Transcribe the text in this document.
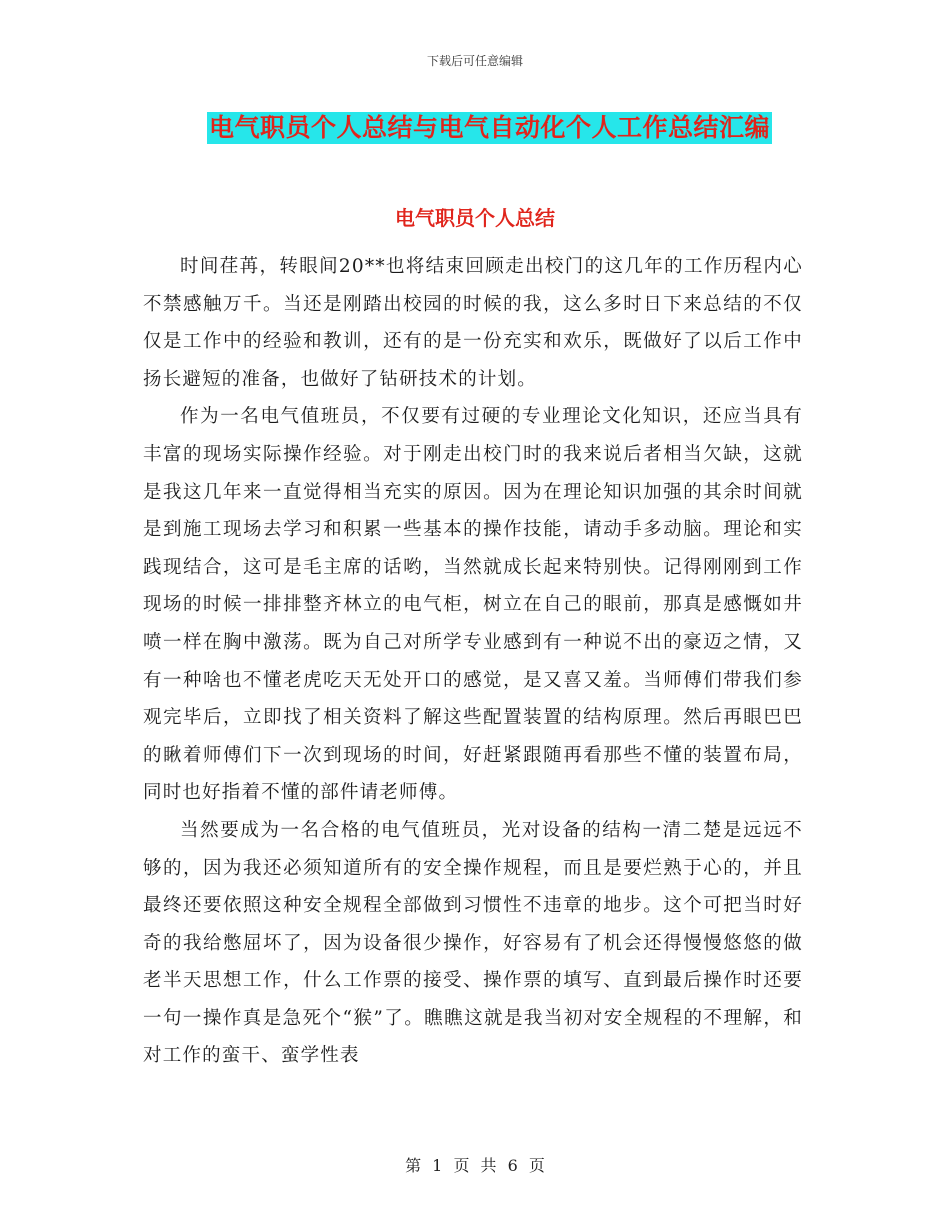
下载后可任意编辑
电气职员个人总结与电气自动化个人工作总结汇编
电气职员个人总结

时间荏苒，转眼间20**也将结束回顾走出校门的这几年的工作历程内心不禁感触万千。当还是刚踏出校园的时候的我，这么多时日下来总结的不仅仅是工作中的经验和教训，还有的是一份充实和欢乐，既做好了以后工作中扬长避短的准备，也做好了钻研技术的计划。

作为一名电气值班员，不仅要有过硬的专业理论文化知识，还应当具有丰富的现场实际操作经验。对于刚走出校门时的我来说后者相当欠缺，这就是我这几年来一直觉得相当充实的原因。因为在理论知识加强的其余时间就是到施工现场去学习和积累一些基本的操作技能，请动手多动脑。理论和实践现结合，这可是毛主席的话哟，当然就成长起来特别快。记得刚刚到工作现场的时候一排排整齐林立的电气柜，树立在自己的眼前，那真是感慨如井喷一样在胸中激荡。既为自己对所学专业感到有一种说不出的豪迈之情，又有一种啥也不懂老虎吃天无处开口的感觉，是又喜又羞。当师傅们带我们参观完毕后，立即找了相关资料了解这些配置装置的结构原理。然后再眼巴巴的瞅着师傅们下一次到现场的时间，好赶紧跟随再看那些不懂的装置布局，同时也好指着不懂的部件请老师傅。

当然要成为一名合格的电气值班员，光对设备的结构一清二楚是远远不够的，因为我还必须知道所有的安全操作规程，而且是要烂熟于心的，并且最终还要依照这种安全规程全部做到习惯性不违章的地步。这个可把当时好奇的我给憋屈坏了，因为设备很少操作，好容易有了机会还得慢慢悠悠的做老半天思想工作，什么工作票的接受、操作票的填写、直到最后操作时还要一句一操作真是急死个“猴”了。瞧瞧这就是我当初对安全规程的不理解，和对工作的蛮干、蛮学性表

第 1 页 共 6 页
